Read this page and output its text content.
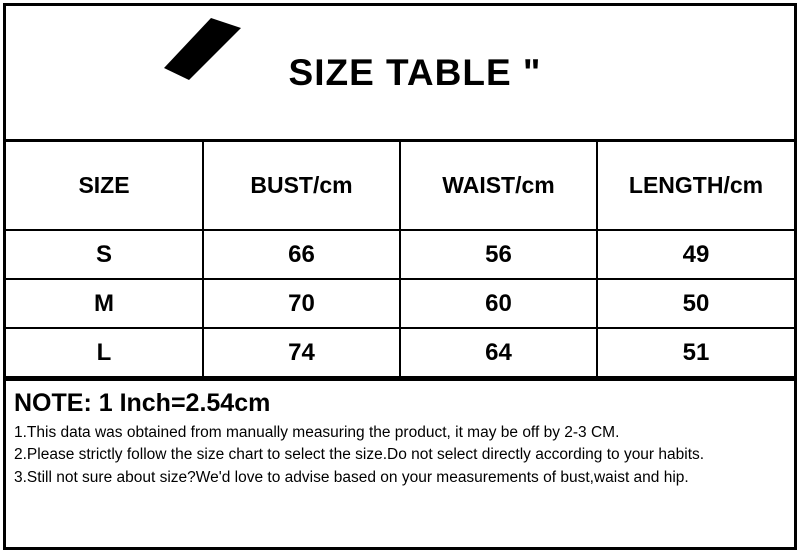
SIZE TABLE "
SIZE	BUST/cm	WAIST/cm	LENGTH/cm
S	66	56	49
M	70	60	50
L	74	64	51
NOTE: 1 Inch=2.54cm
1.This data was obtained from manually measuring the product, it may be off by 2-3 CM.
2.Please strictly follow the size chart to select the size.Do not select directly according to your habits.
3.Still not sure about size?We'd love to advise based on your measurements of bust,waist and hip.
